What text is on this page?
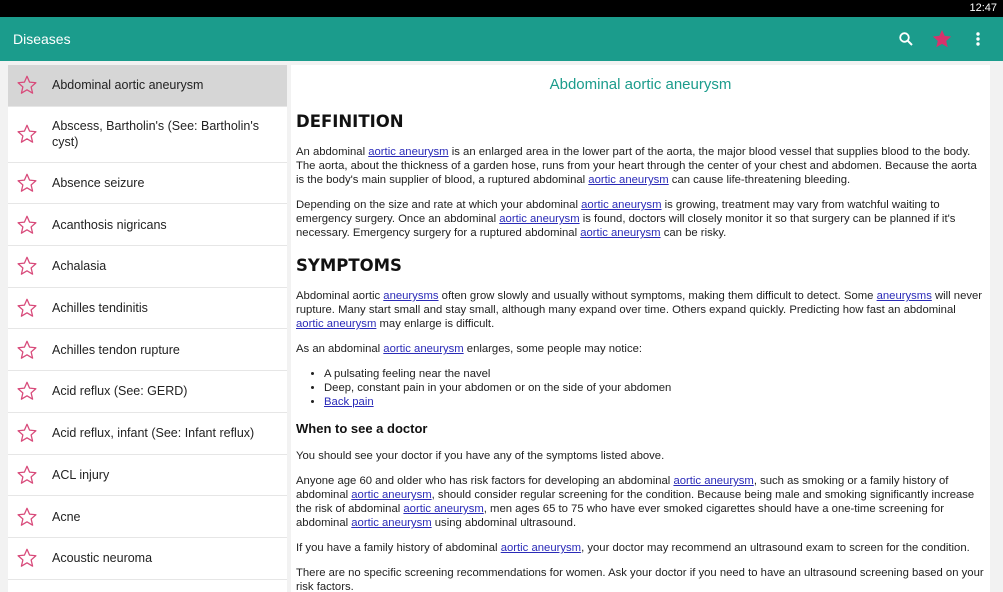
12:47
Diseases
Abdominal aortic aneurysm
Abscess, Bartholin's (See: Bartholin's cyst)
Absence seizure
Acanthosis nigricans
Achalasia
Achilles tendinitis
Achilles tendon rupture
Acid reflux (See: GERD)
Acid reflux, infant (See: Infant reflux)
ACL injury
Acne
Acoustic neuroma
Abdominal aortic aneurysm
DEFINITION

An abdominal aortic aneurysm is an enlarged area in the lower part of the aorta, the major blood vessel that supplies blood to the body. The aorta, about the thickness of a garden hose, runs from your heart through the center of your chest and abdomen. Because the aorta is the body's main supplier of blood, a ruptured abdominal aortic aneurysm can cause life-threatening bleeding.

Depending on the size and rate at which your abdominal aortic aneurysm is growing, treatment may vary from watchful waiting to emergency surgery. Once an abdominal aortic aneurysm is found, doctors will closely monitor it so that surgery can be planned if it's necessary. Emergency surgery for a ruptured abdominal aortic aneurysm can be risky.

SYMPTOMS

Abdominal aortic aneurysms often grow slowly and usually without symptoms, making them difficult to detect. Some aneurysms will never rupture. Many start small and stay small, although many expand over time. Others expand quickly. Predicting how fast an abdominal aortic aneurysm may enlarge is difficult.

As an abdominal aortic aneurysm enlarges, some people may notice:

• A pulsating feeling near the navel
• Deep, constant pain in your abdomen or on the side of your abdomen
• Back pain
When to see a doctor

You should see your doctor if you have any of the symptoms listed above.

Anyone age 60 and older who has risk factors for developing an abdominal aortic aneurysm, such as smoking or a family history of abdominal aortic aneurysm, should consider regular screening for the condition. Because being male and smoking significantly increase the risk of abdominal aortic aneurysm, men ages 65 to 75 who have ever smoked cigarettes should have a one-time screening for abdominal aortic aneurysm using abdominal ultrasound.

If you have a family history of abdominal aortic aneurysm, your doctor may recommend an ultrasound exam to screen for the condition.

There are no specific screening recommendations for women. Ask your doctor if you need to have an ultrasound screening based on your risk factors.
